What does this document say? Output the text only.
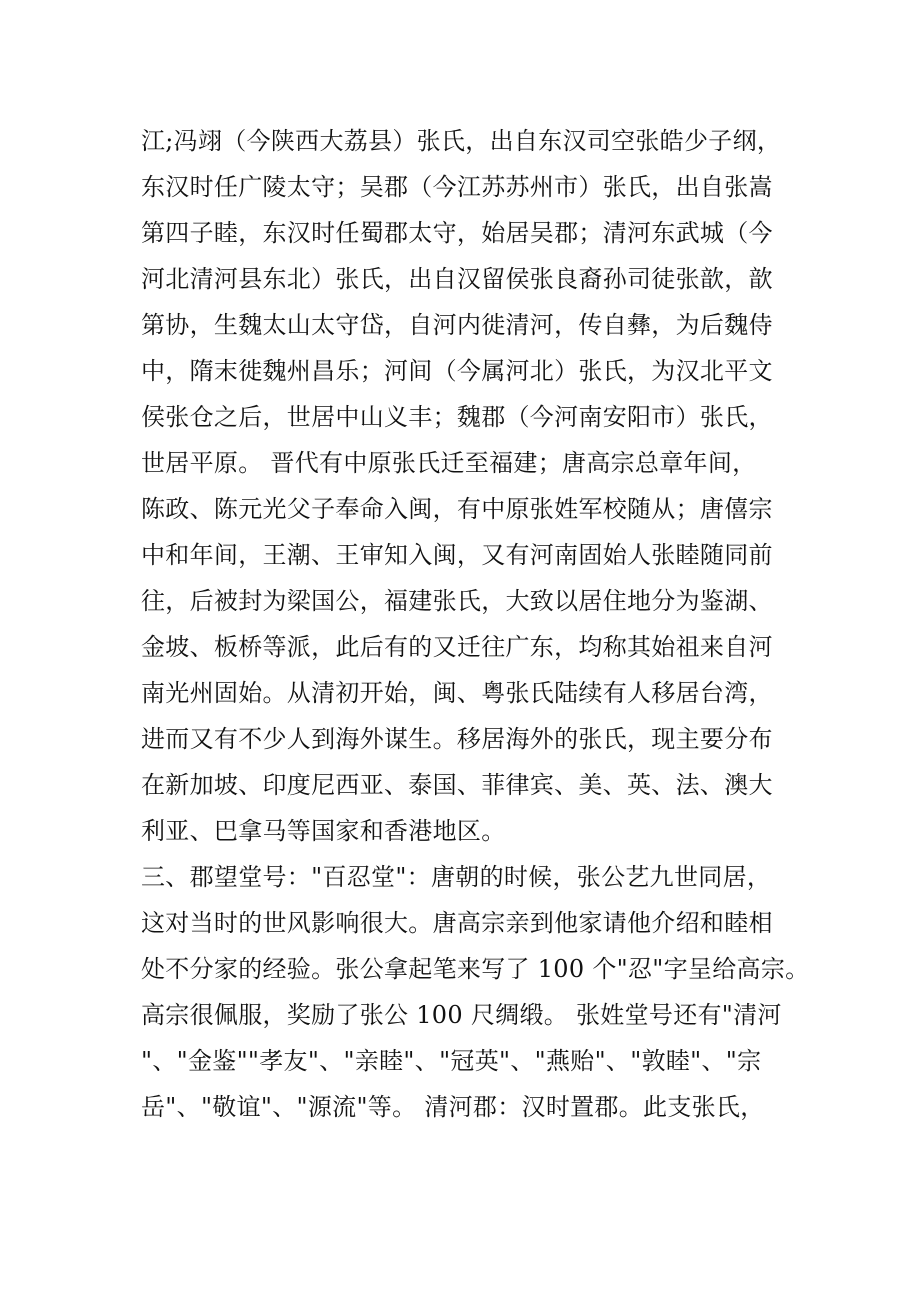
江;冯翊（今陕西大荔县）张氏，出自东汉司空张皓少子纲，
东汉时任广陵太守；吴郡（今江苏苏州市）张氏，出自张嵩
第四子睦，东汉时任蜀郡太守，始居吴郡；清河东武城（今
河北清河县东北）张氏，出自汉留侯张良裔孙司徒张歆，歆
第协，生魏太山太守岱，自河内徙清河，传自彝，为后魏侍
中，隋末徙魏州昌乐；河间（今属河北）张氏，为汉北平文
侯张仓之后，世居中山义丰；魏郡（今河南安阳市）张氏，
世居平原。 晋代有中原张氏迁至福建；唐高宗总章年间，
陈政、陈元光父子奉命入闽，有中原张姓军校随从；唐僖宗
中和年间，王潮、王审知入闽，又有河南固始人张睦随同前
往，后被封为梁国公，福建张氏，大致以居住地分为鉴湖、
金坡、板桥等派，此后有的又迁往广东，均称其始祖来自河
南光州固始。从清初开始，闽、粤张氏陆续有人移居台湾，
进而又有不少人到海外谋生。移居海外的张氏，现主要分布
在新加坡、印度尼西亚、泰国、菲律宾、美、英、法、澳大
利亚、巴拿马等国家和香港地区。
三、郡望堂号："百忍堂"：唐朝的时候，张公艺九世同居，
这对当时的世风影响很大。唐高宗亲到他家请他介绍和睦相
处不分家的经验。张公拿起笔来写了 100 个"忍"字呈给高宗。
高宗很佩服，奖励了张公 100 尺绸缎。 张姓堂号还有"清河
"、"金鉴""孝友"、"亲睦"、"冠英"、"燕贻"、"敦睦"、"宗
岳"、"敬谊"、"源流"等。 清河郡：汉时置郡。此支张氏，
